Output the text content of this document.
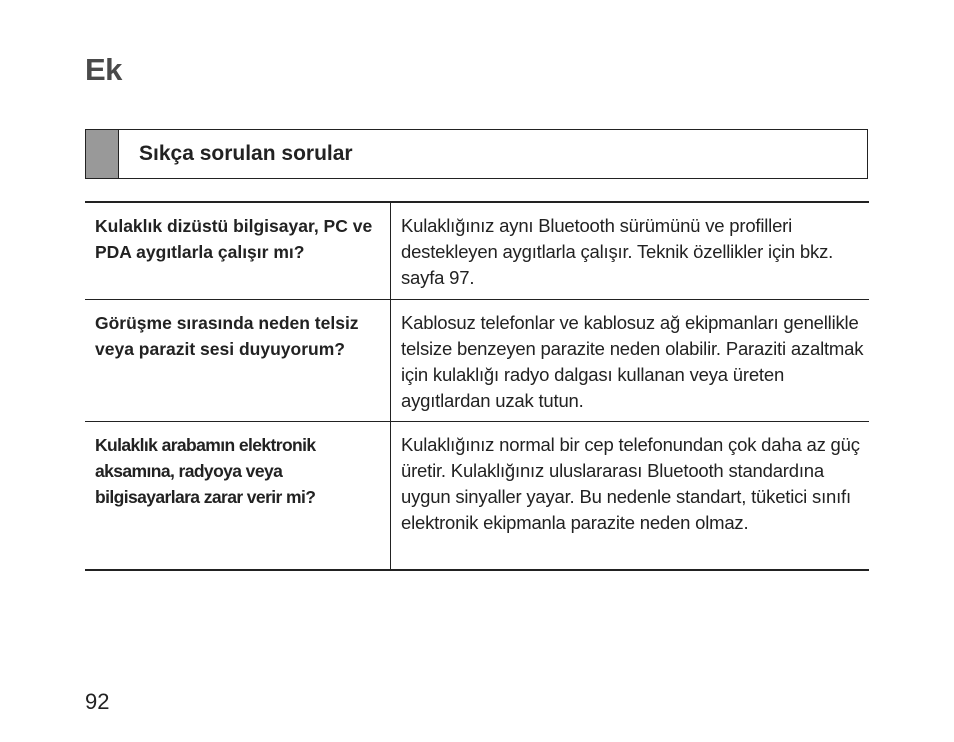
Ek
Sıkça sorulan sorular
Kulaklık dizüstü bilgisayar, PC ve PDA aygıtlarla çalışır mı?	Kulaklığınız aynı Bluetooth sürümünü ve profilleri destekleyen aygıtlarla çalışır. Teknik özellikler için bkz. sayfa 97.
Görüşme sırasında neden telsiz veya parazit sesi duyuyorum?	Kablosuz telefonlar ve kablosuz ağ ekipmanları genellikle telsize benzeyen parazite neden olabilir. Paraziti azaltmak için kulaklığı radyo dalgası kullanan veya üreten aygıtlardan uzak tutun.
Kulaklık arabamın elektronik aksamına, radyoya veya bilgisayarlara zarar verir mi?	Kulaklığınız normal bir cep telefonundan çok daha az güç üretir. Kulaklığınız uluslararası Bluetooth standardına uygun sinyaller yayar. Bu nedenle standart, tüketici sınıfı elektronik ekipmanla parazite neden olmaz.
92
